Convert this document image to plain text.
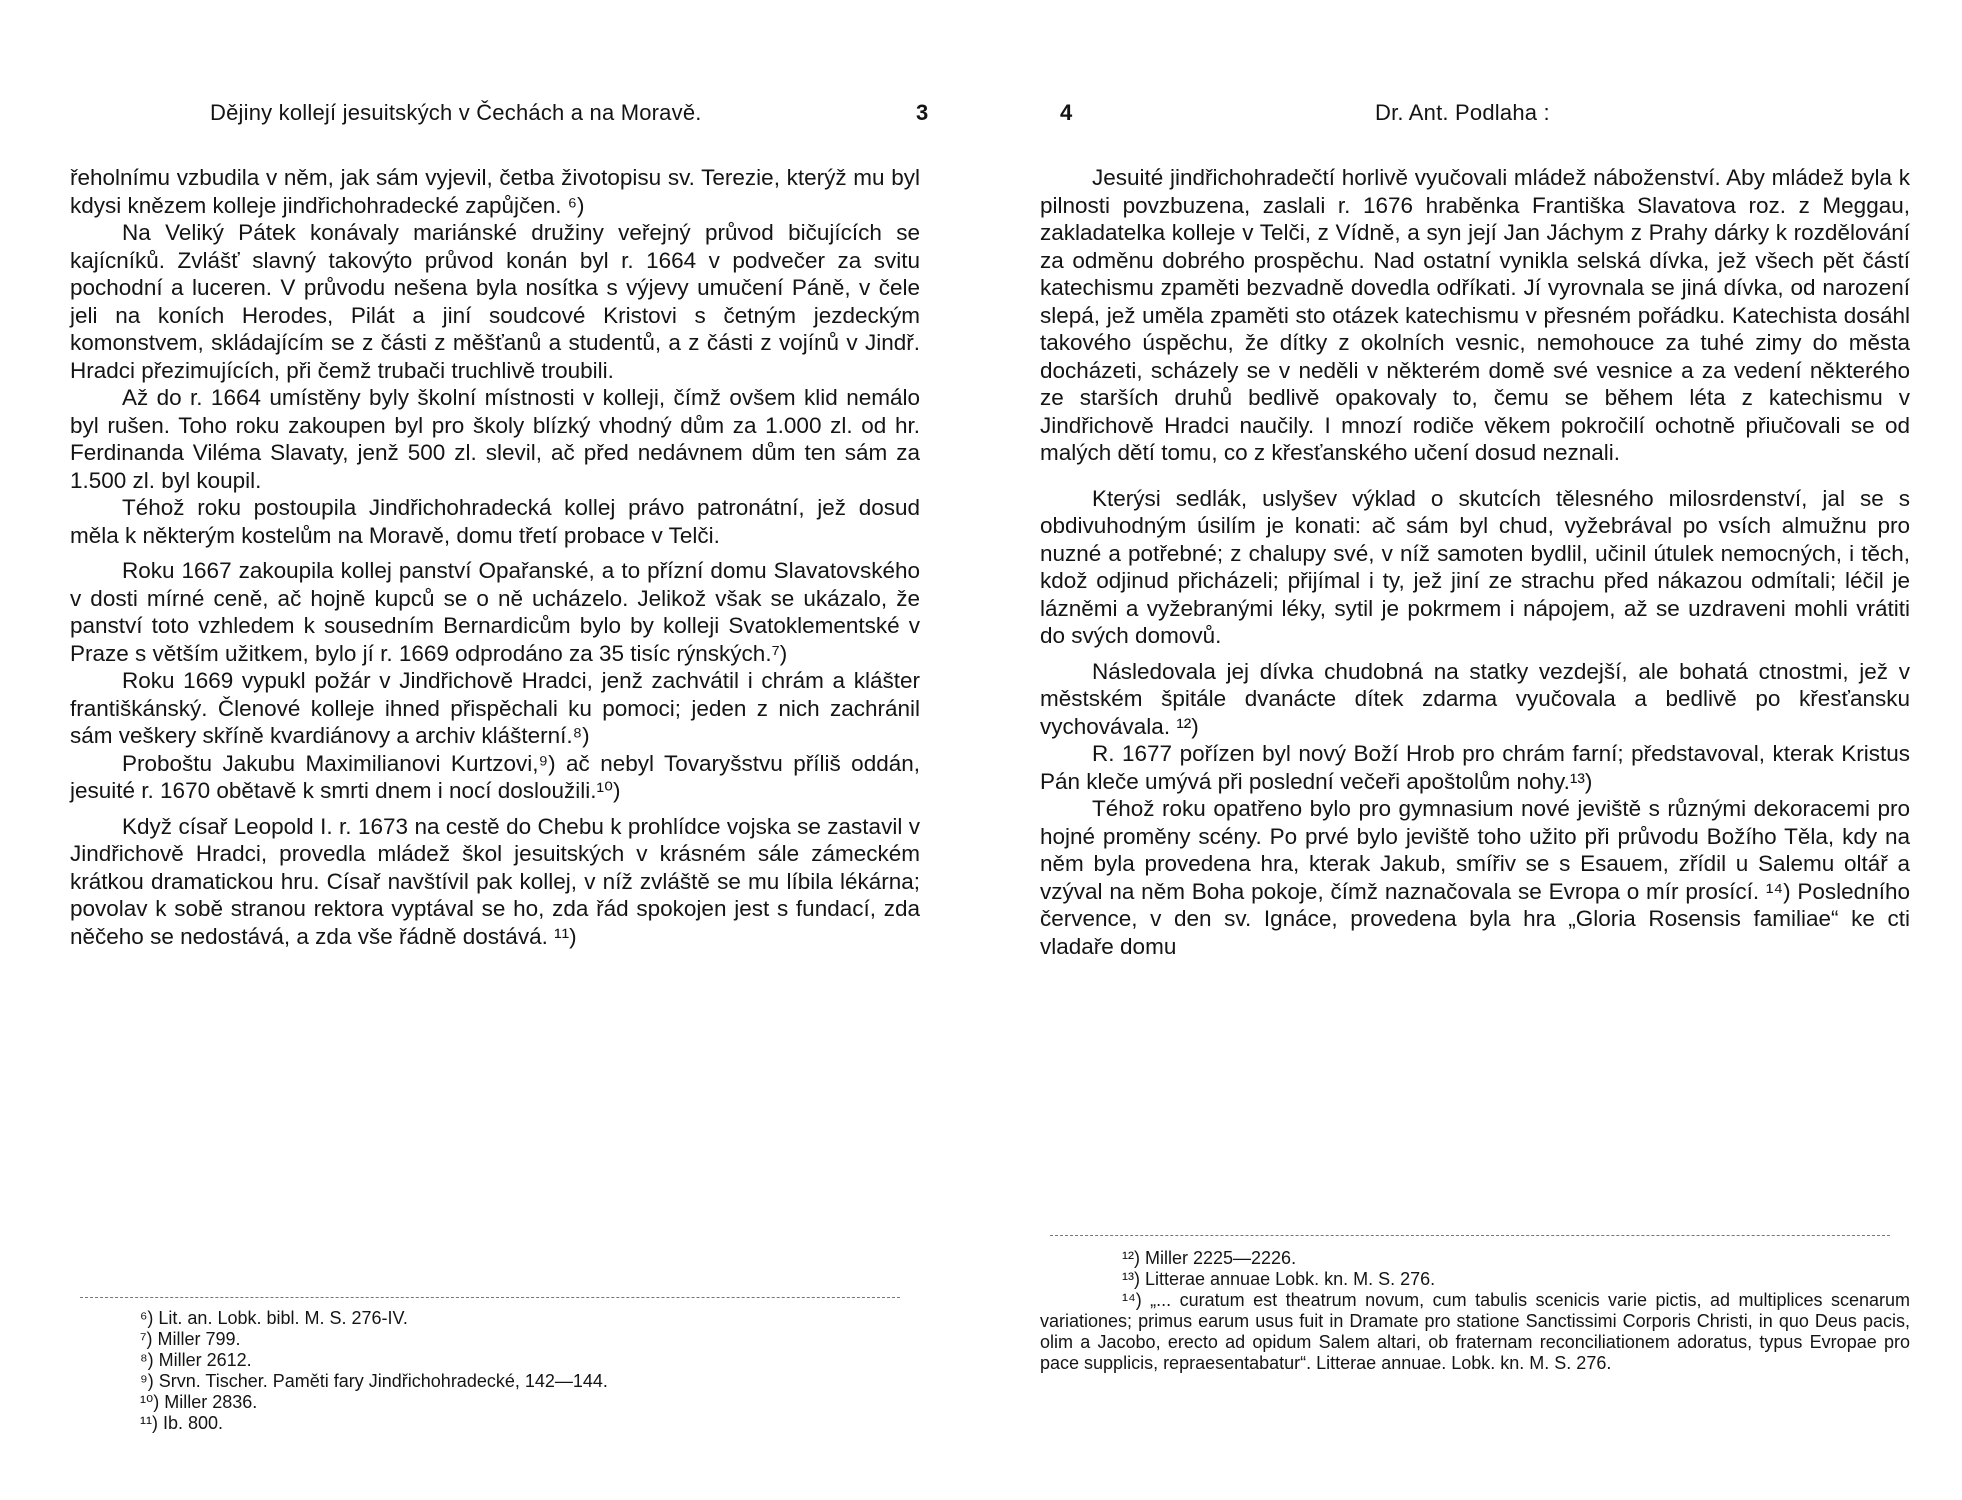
Dějiny kollejí jesuitských v Čechách a na Moravě.	3

řeholnímu vzbudila v něm, jak sám vyjevil, četba životopisu sv. Terezie, kterýž mu byl kdysi knězem kolleje jindřichohradecké zapůjčen. ⁶)

Na Veliký Pátek konávaly mariánské družiny veřejný průvod bičujících se kajícníků. Zvlášť slavný takovýto průvod konán byl r. 1664 v podvečer za svitu pochodní a luceren. V průvodu nešena byla nosítka s výjevy umučení Páně, v čele jeli na koních Herodes, Pilát a jiní soudcové Kristovi s četným jezdeckým komonstvem, skládajícím se z části z měšťanů a studentů, a z části z vojínů v Jindř. Hradci přezimujících, při čemž trubači truchlivě troubili.

Až do r. 1664 umístěny byly školní místnosti v kolleji, čímž ovšem klid nemálo byl rušen. Toho roku zakoupen byl pro školy blízký vhodný dům za 1.000 zl. od hr. Ferdinanda Viléma Slavaty, jenž 500 zl. slevil, ač před nedávnem dům ten sám za 1.500 zl. byl koupil.

Téhož roku postoupila Jindřichohradecká kollej právo patronátní, jež dosud měla k některým kostelům na Moravě, domu třetí probace v Telči.

Roku 1667 zakoupila kollej panství Opařanské, a to přízní domu Slavatovského v dosti mírné ceně, ač hojně kupců se o ně ucházelo. Jelikož však se ukázalo, že panství toto vzhledem k sousedním Bernardicům bylo by kolleji Svatoklementské v Praze s větším užitkem, bylo jí r. 1669 odprodáno za 35 tisíc rýnských.⁷)

Roku 1669 vypukl požár v Jindřichově Hradci, jenž zachvátil i chrám a klášter františkánský. Členové kolleje ihned přispěchali ku pomoci; jeden z nich zachránil sám veškery skříně kvardiánovy a archiv klášterní.⁸)

Proboštu Jakubu Maximilianovi Kurtzovi,⁹) ač nebyl Tovaryšstvu příliš oddán, jesuité r. 1670 obětavě k smrti dnem i nocí dosloužili.¹⁰)

Když císař Leopold I. r. 1673 na cestě do Chebu k prohlídce vojska se zastavil v Jindřichově Hradci, provedla mládež škol jesuitských v krásném sále zámeckém krátkou dramatickou hru. Císař navštívil pak kollej, v níž zvláště se mu líbila lékárna; povolav k sobě stranou rektora vyptával se ho, zda řád spokojen jest s fundací, zda něčeho se nedostává, a zda vše řádně dostává. ¹¹)

⁶) Lit. an. Lobk. bibl. M. S. 276-IV.

⁷) Miller 799.

⁸) Miller 2612.

⁹) Srvn. Tischer. Paměti fary Jindřichohradecké, 142—144.

¹⁰) Miller 2836.

¹¹) Ib. 800.

4	Dr. Ant. Podlaha :

Jesuité jindřichohradečtí horlivě vyučovali mládež náboženství. Aby mládež byla k pilnosti povzbuzena, zaslali r. 1676 hraběnka Františka Slavatova roz. z Meggau, zakladatelka kolleje v Telči, z Vídně, a syn její Jan Jáchym z Prahy dárky k rozdělování za odměnu dobrého prospěchu. Nad ostatní vynikla selská dívka, jež všech pět částí katechismu zpaměti bezvadně dovedla odříkati. Jí vyrovnala se jiná dívka, od narození slepá, jež uměla zpaměti sto otázek katechismu v přesném pořádku. Katechista dosáhl takového úspěchu, že dítky z okolních vesnic, nemohouce za tuhé zimy do města docházeti, scházely se v neděli v některém domě své vesnice a za vedení některého ze starších druhů bedlivě opakovaly to, čemu se během léta z katechismu v Jindřichově Hradci naučily. I mnozí rodiče věkem pokročilí ochotně přiučovali se od malých dětí tomu, co z křesťanského učení dosud neznali.

Kterýsi sedlák, uslyšev výklad o skutcích tělesného milosrdenství, jal se s obdivuhodným úsilím je konati: ač sám byl chud, vyžebrával po vsích almužnu pro nuzné a potřebné; z chalupy své, v níž samoten bydlil, učinil útulek nemocných, i těch, kdož odjinud přicházeli; přijímal i ty, jež jiní ze strachu před nákazou odmítali; léčil je lázněmi a vyžebranými léky, sytil je pokrmem i nápojem, až se uzdraveni mohli vrátiti do svých domovů.

Následovala jej dívka chudobná na statky vezdejší, ale bohatá ctnostmi, jež v městském špitále dvanácte dítek zdarma vyučovala a bedlivě po křesťansku vychovávala. ¹²)

R. 1677 pořízen byl nový Boží Hrob pro chrám farní; představoval, kterak Kristus Pán klečе umývá při poslední večeři apoštolům nohy.¹³)

Téhož roku opatřeno bylo pro gymnasium nové jeviště s různými dekoracemi pro hojné proměny scény. Po prvé bylo jeviště toho užito při průvodu Božího Těla, kdy na něm byla provedena hra, kterak Jakub, smířiv se s Esauem, zřídil u Salemu oltář a vzýval na něm Boha pokoje, čímž naznačovala se Evropa o mír prosící. ¹⁴) Posledního července, v den sv. Ignáce, provedena byla hra „Gloria Rosensis familiae“ ke cti vladaře domu

¹²) Miller 2225—2226.

¹³) Litterae annuae Lobk. kn. M. S. 276.

¹⁴) „... curatum est theatrum novum, cum tabulis scenicis varie pictis, ad multiplices scenarum variationes; primus earum usus fuit in Dramate pro statione Sanctissimi Corporis Christi, in quo Deus pacis, olim a Jacobo, erecto ad opidum Salem altari, ob fraternam reconciliationem adoratus, typus Evropae pro pace supplicis, repraesentabatur“. Litterae annuae. Lobk. kn. M. S. 276.
